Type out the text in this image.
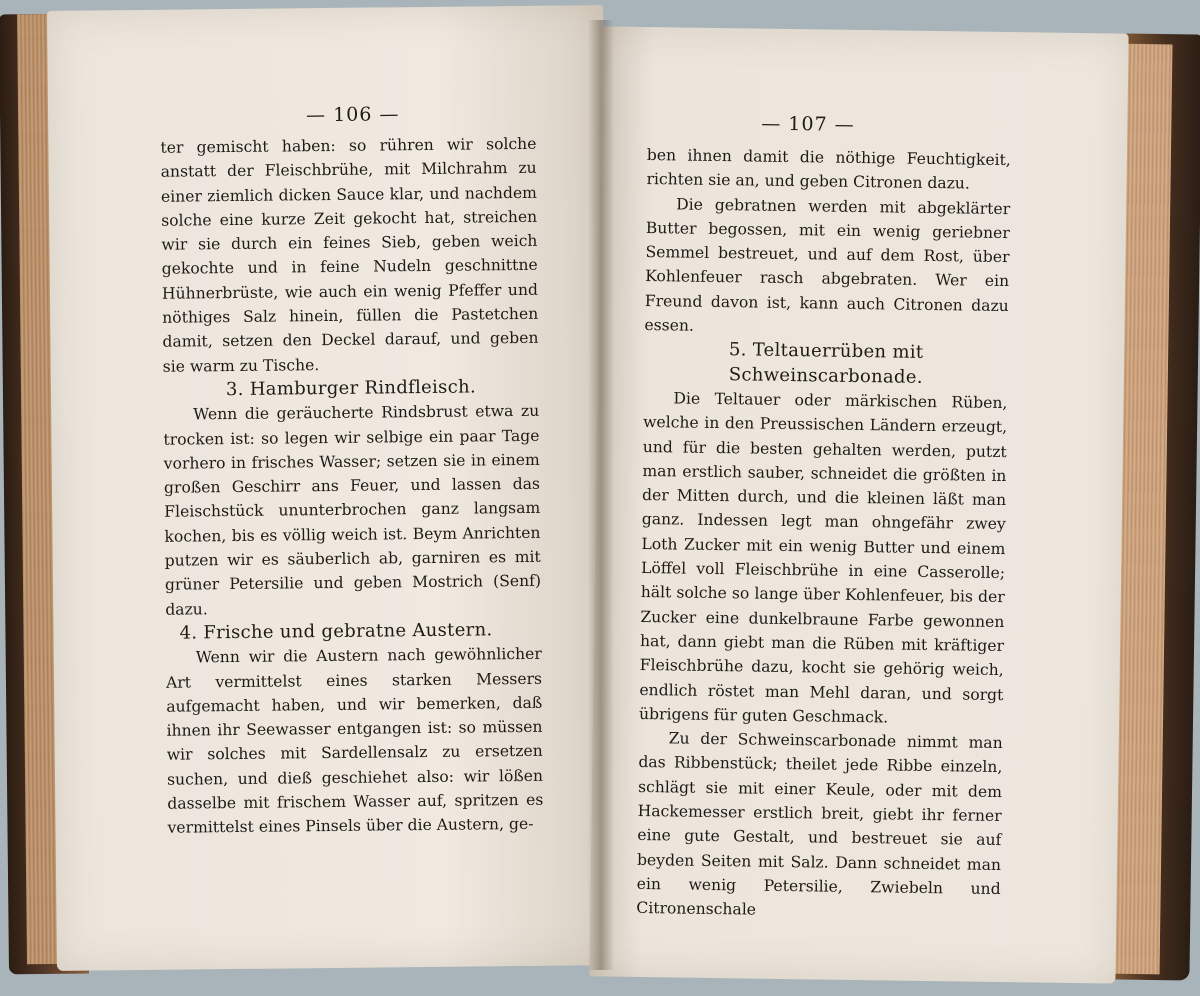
— 106 —

ter gemischt haben: so rühren wir solche anstatt der Fleischbrühe, mit Milchrahm zu einer ziemlich dicken Sauce klar, und nachdem solche eine kurze Zeit gekocht hat, streichen wir sie durch ein feines Sieb, geben weich gekochte und in feine Nudeln geschnittne Hühnerbrüste, wie auch ein wenig Pfeffer und nöthiges Salz hinein, füllen die Pastetchen damit, setzen den Deckel darauf, und geben sie warm zu Tische.

3. Hamburger Rindfleisch.

Wenn die geräucherte Rindsbrust etwa zu trocken ist: so legen wir selbige ein paar Tage vorhero in frisches Wasser; setzen sie in einem großen Geschirr ans Feuer, und lassen das Fleischstück ununterbrochen ganz langsam kochen, bis es völlig weich ist. Beym Anrichten putzen wir es säuberlich ab, garniren es mit grüner Petersilie und geben Mostrich (Senf) dazu.

4. Frische und gebratne Austern.

Wenn wir die Austern nach gewöhnlicher Art vermittelst eines starken Messers aufgemacht haben, und wir bemerken, daß ihnen ihr Seewasser entgangen ist: so müssen wir solches mit Sardellensalz zu ersetzen suchen, und dieß geschiehet also: wir lößen dasselbe mit frischem Wasser auf, spritzen es vermittelst eines Pinsels über die Austern, ge-

— 107 —

ben ihnen damit die nöthige Feuchtigkeit, richten sie an, und geben Citronen dazu.

Die gebratnen werden mit abgeklärter Butter begossen, mit ein wenig geriebner Semmel bestreuet, und auf dem Rost, über Kohlenfeuer rasch abgebraten. Wer ein Freund davon ist, kann auch Citronen dazu essen.

5. Teltauerrüben mit Schweinscarbonade.

Die Teltauer oder märkischen Rüben, welche in den Preussischen Ländern erzeugt, und für die besten gehalten werden, putzt man erstlich sauber, schneidet die größten in der Mitten durch, und die kleinen läßt man ganz. Indessen legt man ohngefähr zwey Loth Zucker mit ein wenig Butter und einem Löffel voll Fleischbrühe in eine Casserolle; hält solche so lange über Kohlenfeuer, bis der Zucker eine dunkelbraune Farbe gewonnen hat, dann giebt man die Rüben mit kräftiger Fleischbrühe dazu, kocht sie gehörig weich, endlich röstet man Mehl daran, und sorgt übrigens für guten Geschmack.

Zu der Schweinscarbonade nimmt man das Ribbenstück; theilet jede Ribbe einzeln, schlägt sie mit einer Keule, oder mit dem Hackemesser erstlich breit, giebt ihr ferner eine gute Gestalt, und bestreuet sie auf beyden Seiten mit Salz. Dann schneidet man ein wenig Petersilie, Zwiebeln und Citronenschale
